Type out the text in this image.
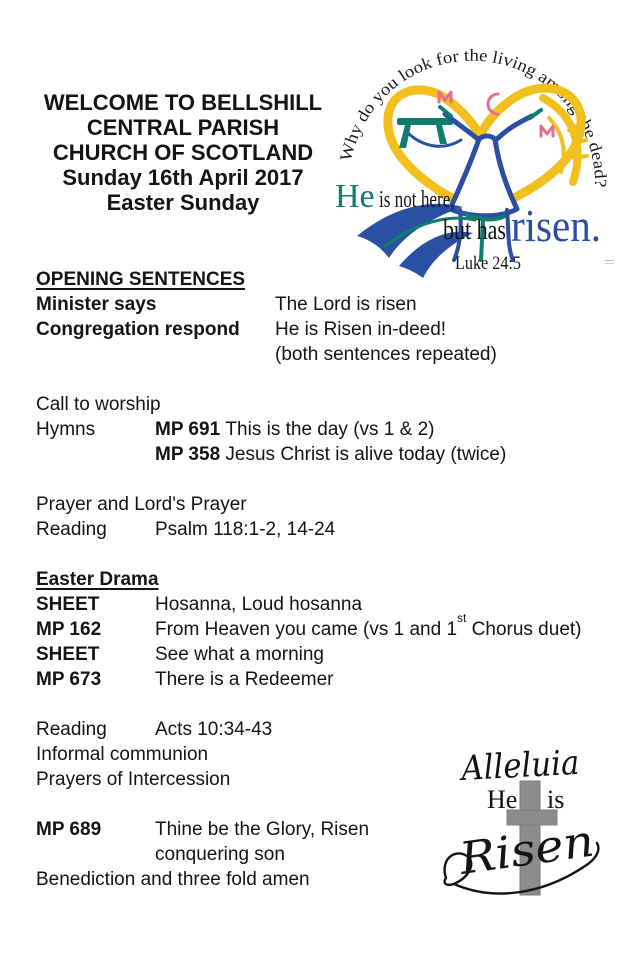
WELCOME TO BELLSHILL
CENTRAL PARISH
CHURCH OF SCOTLAND
Sunday 16th April 2017
Easter Sunday
Why do you look for the living among the dead?
He is not here,
but has risen.
Luke 24:5
OPENING SENTENCES
Minister says	The Lord is risen
Congregation respond	He is Risen in-deed!
(both sentences repeated)
Call to worship
Hymns	MP 691 This is the day (vs 1 & 2)
MP 358 Jesus Christ is alive today (twice)
Prayer and Lord's Prayer
Reading	Psalm 118:1-2, 14-24
Easter Drama
SHEET	Hosanna, Loud hosanna
MP 162	From Heaven you came (vs 1 and 1st Chorus duet)
SHEET	See what a morning
MP 673	There is a Redeemer
Reading	Acts 10:34-43
Informal communion
Prayers of Intercession
MP 689	Thine be the Glory, Risen
conquering son
Benediction and three fold amen
Alleluia
He is
Risen
